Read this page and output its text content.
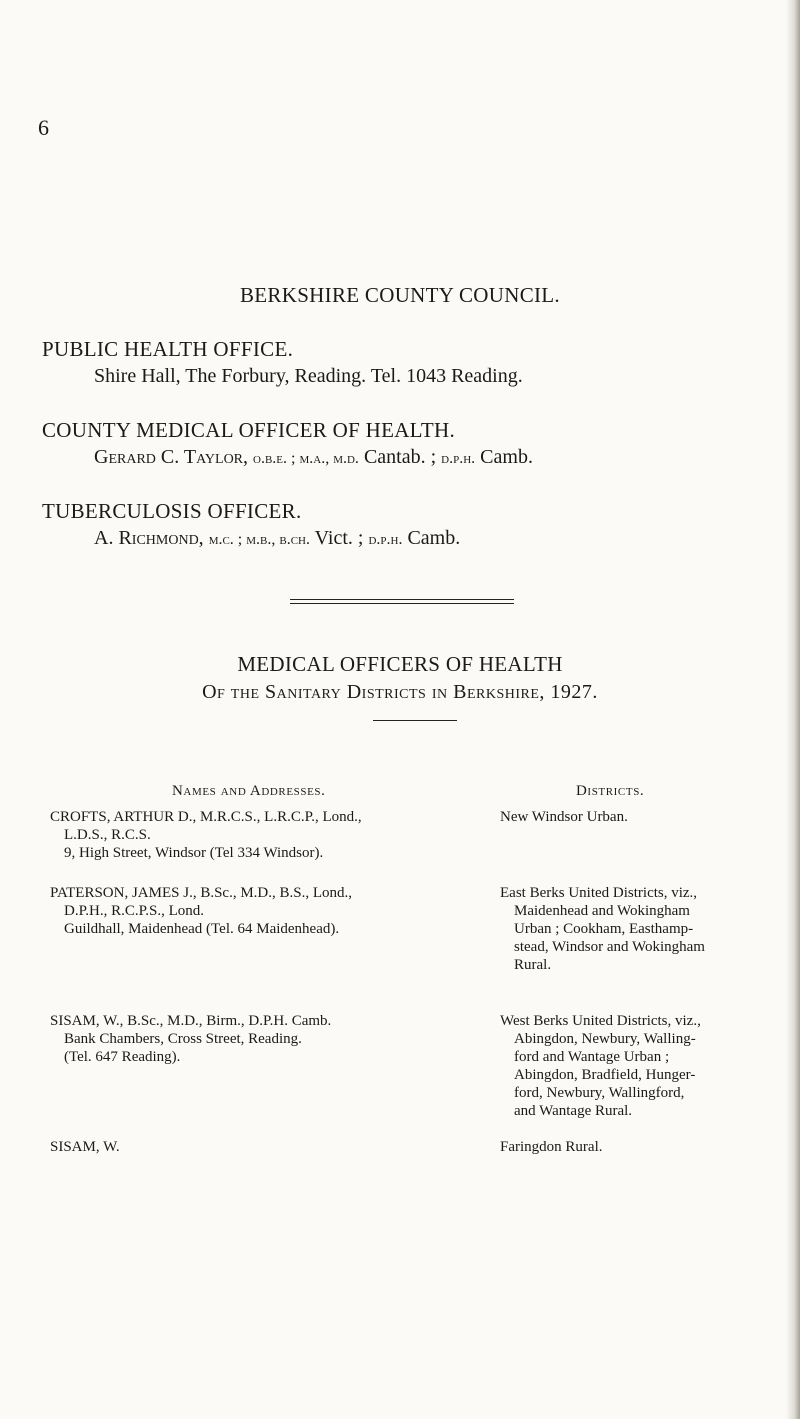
6
BERKSHIRE COUNTY COUNCIL.
PUBLIC HEALTH OFFICE.
Shire Hall, The Forbury, Reading. Tel. 1043 Reading.
COUNTY MEDICAL OFFICER OF HEALTH.
Gerard C. Taylor, o.b.e. ; m.a., m.d. Cantab. ; d.p.h. Camb.
TUBERCULOSIS OFFICER.
A. Richmond, m.c. ; m.b., b.ch. Vict. ; d.p.h. Camb.
MEDICAL OFFICERS OF HEALTH
Of the Sanitary Districts in Berkshire, 1927.
Names and Addresses.	Districts.

CROFTS, ARTHUR D., M.R.C.S., L.R.C.P., Lond.,

L.D.S., R.C.S.

9, High Street, Windsor (Tel 334 Windsor).

New Windsor Urban.

PATERSON, JAMES J., B.Sc., M.D., B.S., Lond.,

D.P.H., R.C.P.S., Lond.

Guildhall, Maidenhead (Tel. 64 Maidenhead).

East Berks United Districts, viz.,

Maidenhead and Wokingham

Urban ; Cookham, Easthamp-

stead, Windsor and Wokingham

Rural.

SISAM, W., B.Sc., M.D., Birm., D.P.H. Camb.

Bank Chambers, Cross Street, Reading.

(Tel. 647 Reading).

West Berks United Districts, viz.,

Abingdon, Newbury, Walling-

ford and Wantage Urban ;

Abingdon, Bradfield, Hunger-

ford, Newbury, Wallingford,

and Wantage Rural.

SISAM, W.	Faringdon Rural.
